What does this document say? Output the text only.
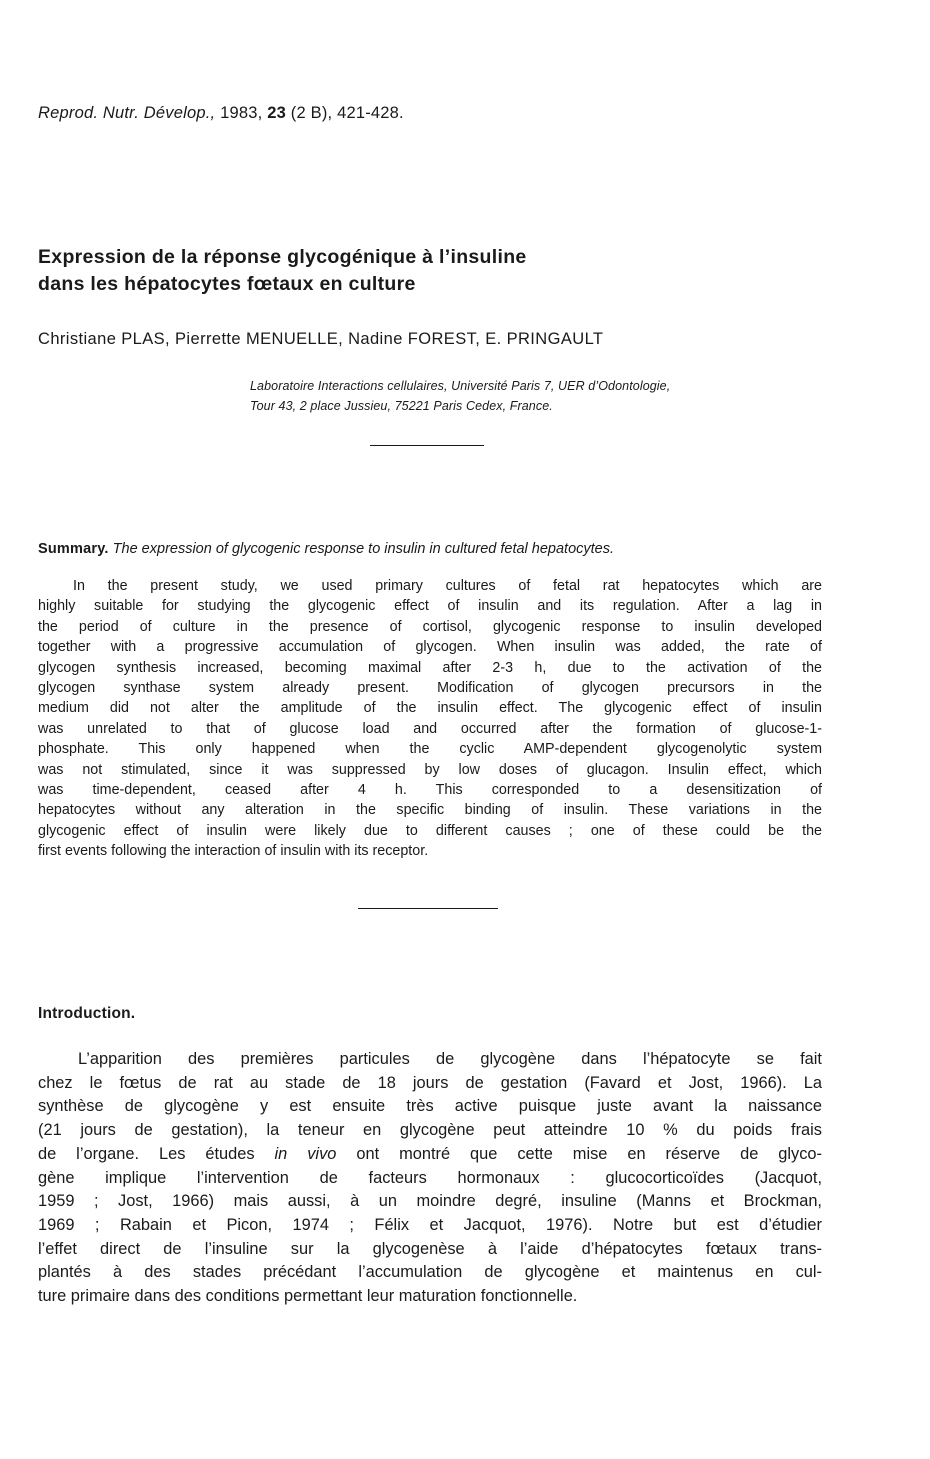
Reprod. Nutr. Dévelop., 1983, 23 (2 B), 421-428.
Expression de la réponse glycogénique à l’insuline
dans les hépatocytes fœtaux en culture
Christiane PLAS, Pierrette MENUELLE, Nadine FOREST, E. PRINGAULT
Laboratoire Interactions cellulaires, Université Paris 7, UER d’Odontologie,
Tour 43, 2 place Jussieu, 75221 Paris Cedex, France.
Summary. The expression of glycogenic response to insulin in cultured fetal hepatocytes.
In the present study, we used primary cultures of fetal rat hepatocytes which are
highly suitable for studying the glycogenic effect of insulin and its regulation. After a lag in
the period of culture in the presence of cortisol, glycogenic response to insulin developed
together with a progressive accumulation of glycogen. When insulin was added, the rate of
glycogen synthesis increased, becoming maximal after 2-3 h, due to the activation of the
glycogen synthase system already present. Modification of glycogen precursors in the
medium did not alter the amplitude of the insulin effect. The glycogenic effect of insulin
was unrelated to that of glucose load and occurred after the formation of glucose-1-
phosphate. This only happened when the cyclic AMP-dependent glycogenolytic system
was not stimulated, since it was suppressed by low doses of glucagon. Insulin effect, which
was time-dependent, ceased after 4 h. This corresponded to a desensitization of
hepatocytes without any alteration in the specific binding of insulin. These variations in the
glycogenic effect of insulin were likely due to different causes ; one of these could be the
first events following the interaction of insulin with its receptor.
Introduction.
L’apparition des premières particules de glycogène dans l’hépatocyte se fait
chez le fœtus de rat au stade de 18 jours de gestation (Favard et Jost, 1966). La
synthèse de glycogène y est ensuite très active puisque juste avant la naissance
(21 jours de gestation), la teneur en glycogène peut atteindre 10 % du poids frais
de l’organe. Les études in vivo ont montré que cette mise en réserve de glyco-
gène implique l’intervention de facteurs hormonaux : glucocorticoïdes (Jacquot,
1959 ; Jost, 1966) mais aussi, à un moindre degré, insuline (Manns et Brockman,
1969 ; Rabain et Picon, 1974 ; Félix et Jacquot, 1976). Notre but est d’étudier
l’effet direct de l’insuline sur la glycogenèse à l’aide d’hépatocytes fœtaux trans-
plantés à des stades précédant l’accumulation de glycogène et maintenus en cul-
ture primaire dans des conditions permettant leur maturation fonctionnelle.
